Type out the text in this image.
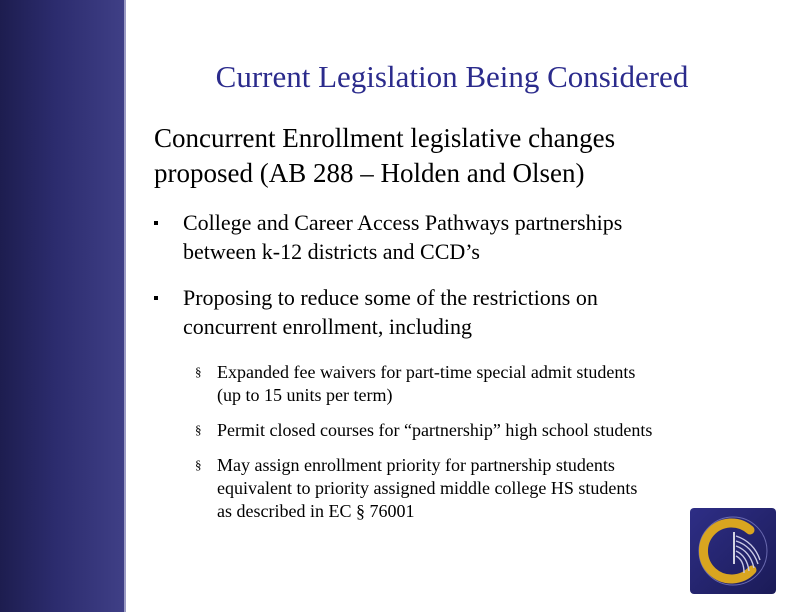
Current Legislation Being Considered
Concurrent Enrollment legislative changes
proposed (AB 288 – Holden and Olsen)
College and Career Access Pathways partnerships
between k-12 districts and CCD’s
Proposing to reduce some of the restrictions on
concurrent enrollment, including
§ Expanded fee waivers for part-time special admit students
(up to 15 units per term)
§ Permit closed courses for “partnership” high school students
§ May assign enrollment priority for partnership students
equivalent to priority assigned middle college HS students
as described in EC § 76001
